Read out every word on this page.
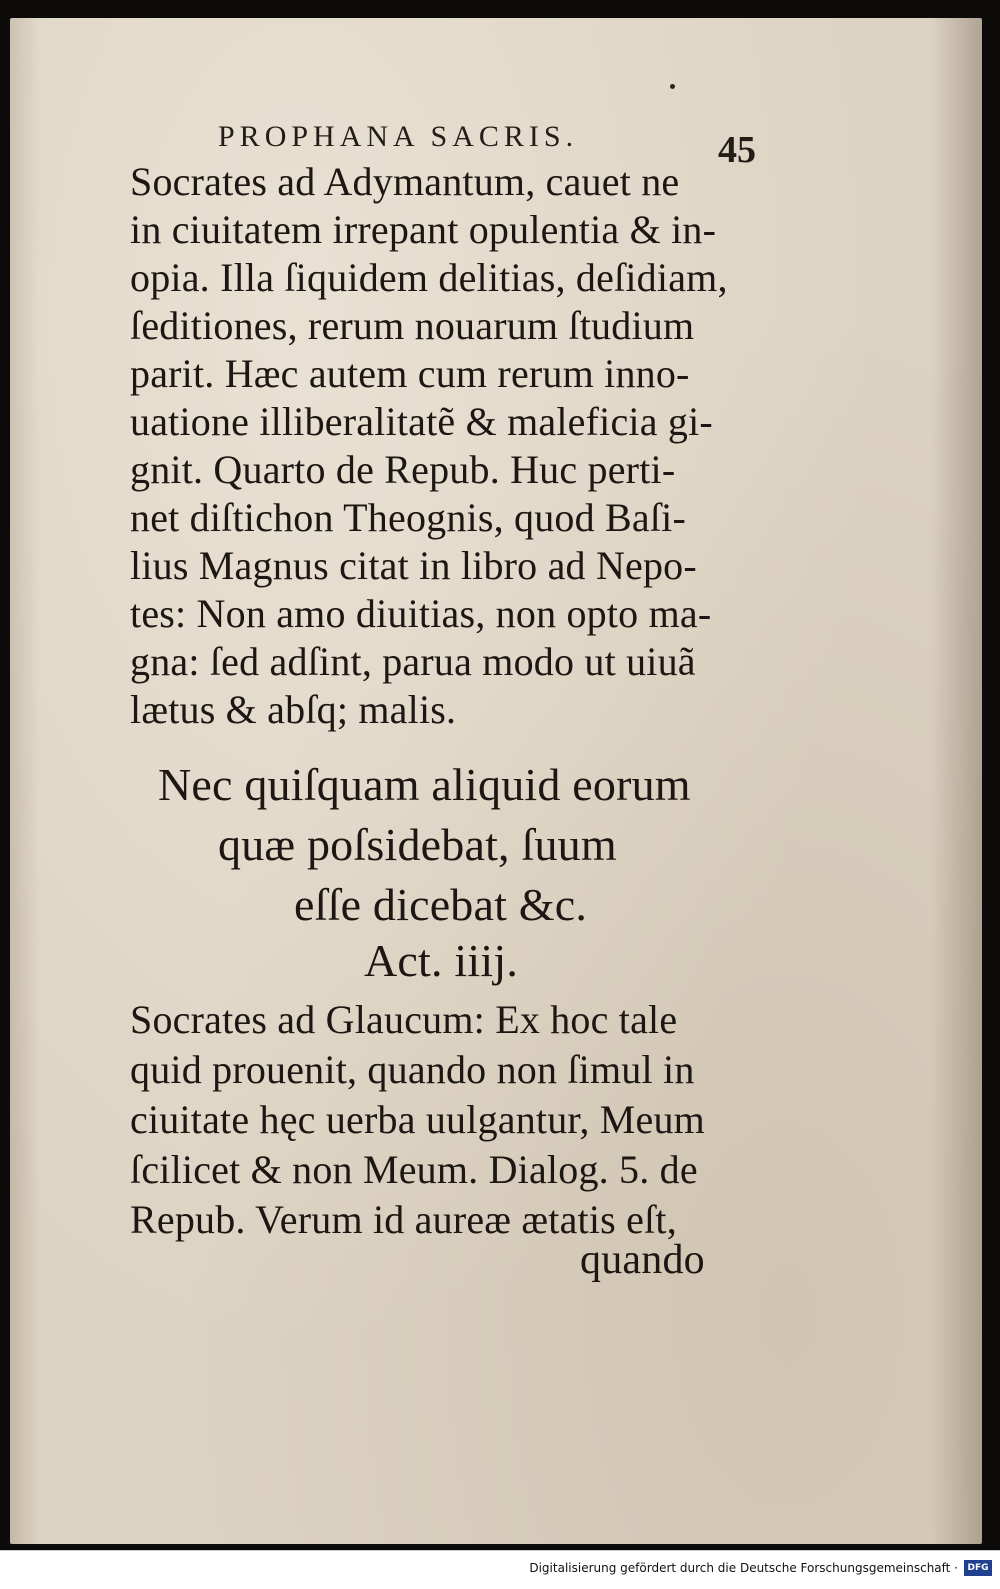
PROPHANA SACRIS.	45
Socrates ad Adymantum, cauet ne
in ciuitatem irrepant opulentia & in-
opia. Illa ſiquidem delitias, deſidiam,
ſeditiones, rerum nouarum ſtudium
parit. Hæc autem cum rerum inno-
uatione illiberalitatẽ & maleficia gi-
gnit. Quarto de Repub. Huc perti-
net diſtichon Theognis, quod Baſi-
lius Magnus citat in libro ad Nepo-
tes: Non amo diuitias, non opto ma-
gna: ſed adſint, parua modo ut uiuã
lætus & abſq; malis.
Nec quiſquam aliquid eorum
quæ poſsidebat, ſuum
eſſe dicebat &c.
Act. iiij.
Socrates ad Glaucum: Ex hoc tale
quid prouenit, quando non ſimul in
ciuitate hęc uerba uulgantur, Meum
ſcilicet & non Meum. Dialog. 5. de
Repub. Verum id aureæ ætatis eſt,
quando
Digitalisierung gefördert durch die Deutsche Forschungsgemeinschaft ·	DFG
